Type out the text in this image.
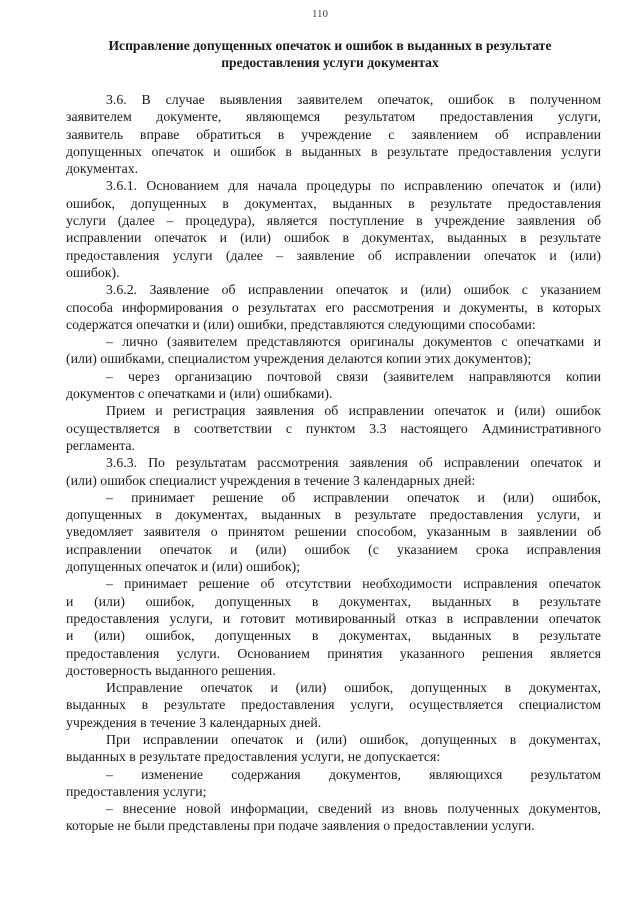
110
Исправление допущенных опечаток и ошибок в выданных в результате
предоставления услуги документах
3.6. В случае выявления заявителем опечаток, ошибок в полученном
заявителем документе, являющемся результатом предоставления услуги,
заявитель вправе обратиться в учреждение с заявлением об исправлении
допущенных опечаток и ошибок в выданных в результате предоставления услуги
документах.
3.6.1. Основанием для начала процедуры по исправлению опечаток и (или)
ошибок, допущенных в документах, выданных в результате предоставления
услуги (далее – процедура), является поступление в учреждение заявления об
исправлении опечаток и (или) ошибок в документах, выданных в результате
предоставления услуги (далее – заявление об исправлении опечаток и (или)
ошибок).
3.6.2. Заявление об исправлении опечаток и (или) ошибок с указанием
способа информирования о результатах его рассмотрения и документы, в которых
содержатся опечатки и (или) ошибки, представляются следующими способами:
– лично (заявителем представляются оригиналы документов с опечатками и
(или) ошибками, специалистом учреждения делаются копии этих документов);
– через организацию почтовой связи (заявителем направляются копии
документов с опечатками и (или) ошибками).
Прием и регистрация заявления об исправлении опечаток и (или) ошибок
осуществляется в соответствии с пунктом 3.3 настоящего Административного
регламента.
3.6.3. По результатам рассмотрения заявления об исправлении опечаток и
(или) ошибок специалист учреждения в течение 3 календарных дней:
– принимает решение об исправлении опечаток и (или) ошибок,
допущенных в документах, выданных в результате предоставления услуги, и
уведомляет заявителя о принятом решении способом, указанным в заявлении об
исправлении опечаток и (или) ошибок (с указанием срока исправления
допущенных опечаток и (или) ошибок);
– принимает решение об отсутствии необходимости исправления опечаток
и (или) ошибок, допущенных в документах, выданных в результате
предоставления услуги, и готовит мотивированный отказ в исправлении опечаток
и (или) ошибок, допущенных в документах, выданных в результате
предоставления услуги. Основанием принятия указанного решения является
достоверность выданного решения.
Исправление опечаток и (или) ошибок, допущенных в документах,
выданных в результате предоставления услуги, осуществляется специалистом
учреждения в течение 3 календарных дней.
При исправлении опечаток и (или) ошибок, допущенных в документах,
выданных в результате предоставления услуги, не допускается:
– изменение содержания документов, являющихся результатом
предоставления услуги;
– внесение новой информации, сведений из вновь полученных документов,
которые не были представлены при подаче заявления о предоставлении услуги.
